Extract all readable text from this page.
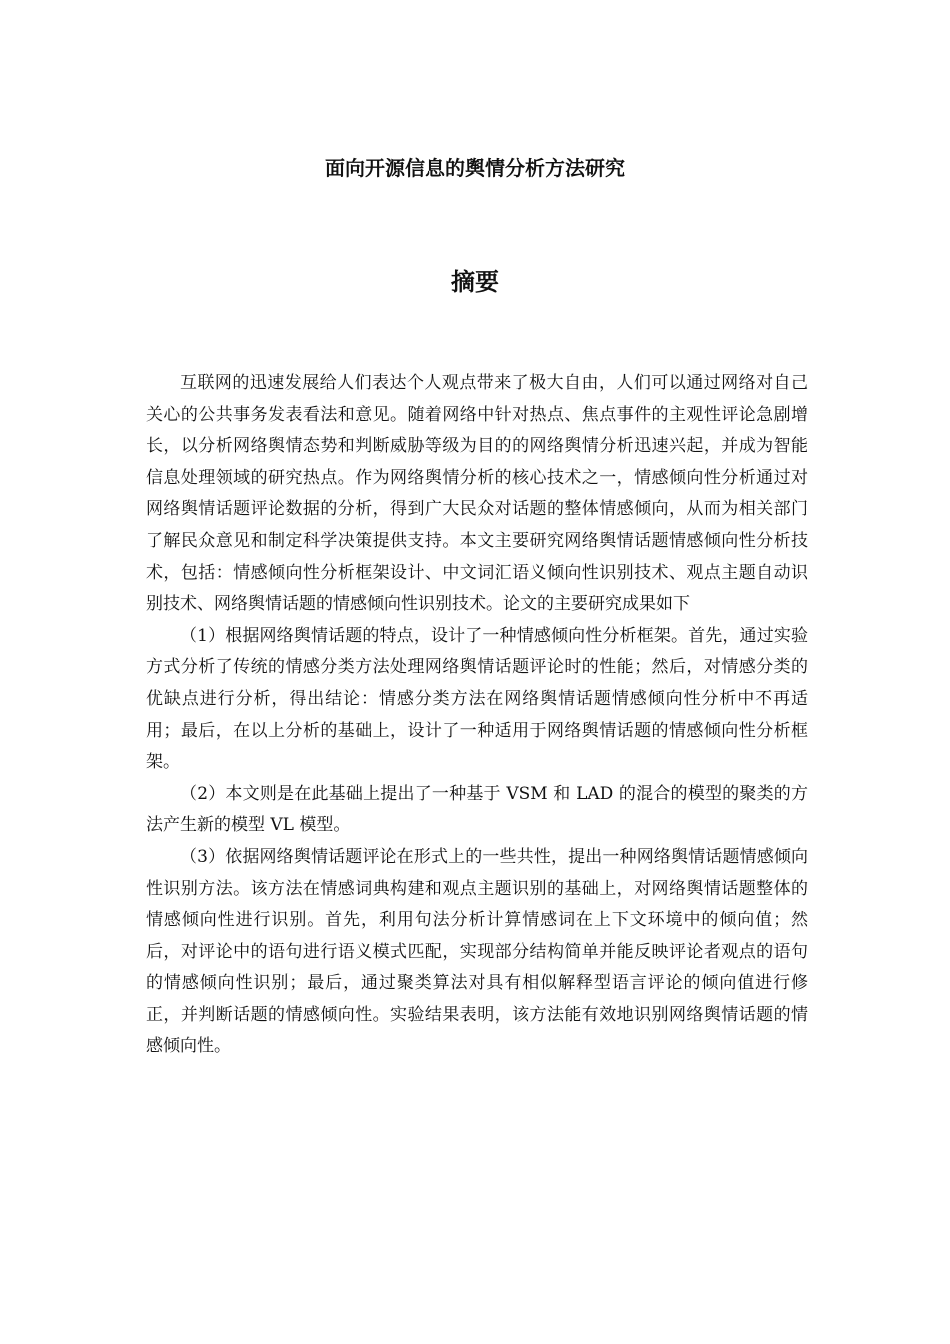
面向开源信息的舆情分析方法研究
摘要

互联网的迅速发展给人们表达个人观点带来了极大自由，人们可以通过网络对自己关心的公共事务发表看法和意见。随着网络中针对热点、焦点事件的主观性评论急剧增长，以分析网络舆情态势和判断威胁等级为目的的网络舆情分析迅速兴起，并成为智能信息处理领域的研究热点。作为网络舆情分析的核心技术之一，情感倾向性分析通过对网络舆情话题评论数据的分析，得到广大民众对话题的整体情感倾向，从而为相关部门了解民众意见和制定科学决策提供支持。本文主要研究网络舆情话题情感倾向性分析技术，包括：情感倾向性分析框架设计、中文词汇语义倾向性识别技术、观点主题自动识别技术、网络舆情话题的情感倾向性识别技术。论文的主要研究成果如下

（1）根据网络舆情话题的特点，设计了一种情感倾向性分析框架。首先，通过实验方式分析了传统的情感分类方法处理网络舆情话题评论时的性能；然后，对情感分类的优缺点进行分析，得出结论：情感分类方法在网络舆情话题情感倾向性分析中不再适用；最后，在以上分析的基础上，设计了一种适用于网络舆情话题的情感倾向性分析框架。

（2）本文则是在此基础上提出了一种基于 VSM 和 LAD 的混合的模型的聚类的方法产生新的模型 VL 模型。

（3）依据网络舆情话题评论在形式上的一些共性，提出一种网络舆情话题情感倾向性识别方法。该方法在情感词典构建和观点主题识别的基础上，对网络舆情话题整体的情感倾向性进行识别。首先，利用句法分析计算情感词在上下文环境中的倾向值；然后，对评论中的语句进行语义模式匹配，实现部分结构简单并能反映评论者观点的语句的情感倾向性识别；最后，通过聚类算法对具有相似解释型语言评论的倾向值进行修正，并判断话题的情感倾向性。实验结果表明，该方法能有效地识别网络舆情话题的情感倾向性。
